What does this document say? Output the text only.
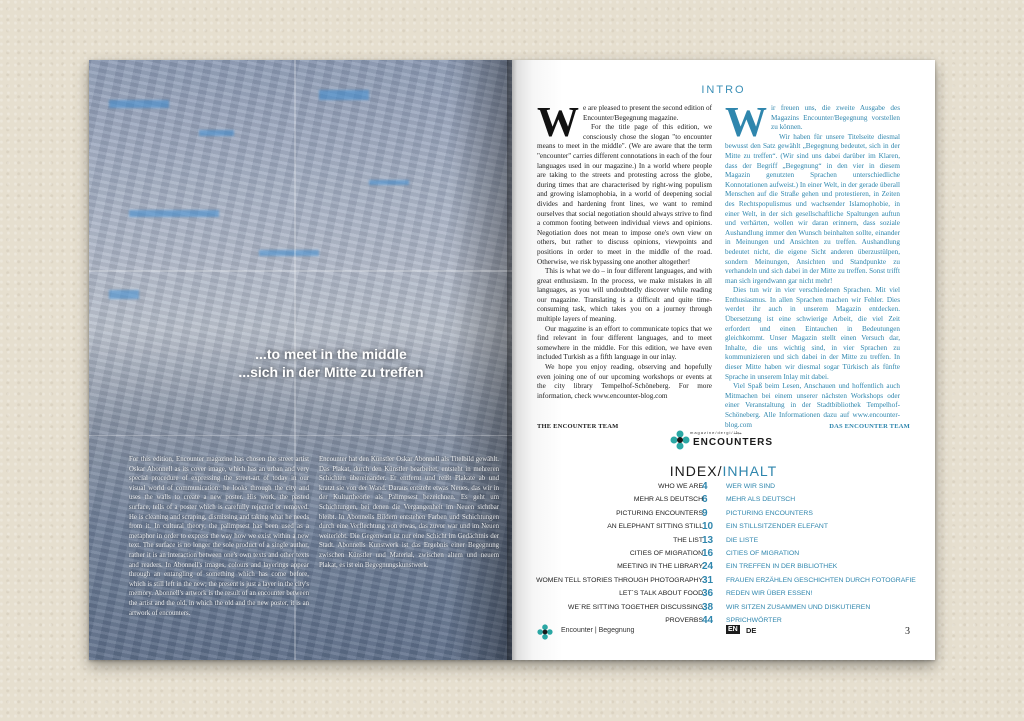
...to meet in the middle
...sich in der Mitte zu treffen

For this edition, Encounter magazine has chosen the street artist Oskar Abonnell as its cover image, which has an urban and very special procedure of expressing the street-art of today in our visual world of communication: he looks through the city and uses the walls to create a new poster. His work, the pasted surface, tells of a poster which is carefully rejected or removed. He is cleaning and scraping, dismissing and taking what he needs from it. In cultural theory, the palimpsest has been used as a metaphor in order to express the way how we exist within a new text. The surface is no longer the sole product of a single author, rather it is an interaction between one's own texts and other texts and readers. In Abonnell's images, colours and layerings appear through an entangling of something which has come before, which is still left in the new; the present is just a layer in the city's memory. Abonnell's artwork is the result of an encounter between the artist and the old, in which the old and the new poster, it is an artwork of encounters.

Encounter hat den Künstler Oskar Abonnell als Titelbild gewählt. Das Plakat, durch den Künstler bearbeitet, entsteht in mehreren Schichten übereinander. Er entfernt und reißt Plakate ab und kratzt sie von der Wand. Daraus entsteht etwas Neues, das wir in der Kulturtheorie als Palimpsest bezeichnen. Es geht um Schichtungen, bei denen die Vergangenheit im Neuen sichtbar bleibt. In Abonnells Bildern entstehen Farben und Schichtungen durch eine Verflechtung von etwas, das zuvor war und im Neuen weiterlebt. Die Gegenwart ist nur eine Schicht im Gedächtnis der Stadt. Abonnells Kunstwerk ist das Ergebnis einer Begegnung zwischen Künstler und Material, zwischen altem und neuem Plakat, es ist ein Begegnungskunstwerk.

INTRO

We are pleased to present the second edition of Encounter/Begegnung magazine.

For the title page of this edition, we consciously chose the slogan "to encounter means to meet in the middle". (We are aware that the term "encounter" carries different connotations in each of the four languages used in our magazine.) In a world where people are taking to the streets and protesting across the globe, during times that are characterised by right-wing populism and growing islamophobia, in a world of deepening social divides and hardening front lines, we want to remind ourselves that social negotiation should always strive to find a common footing between individual views and opinions. Negotiation does not mean to impose one's own view on others, but rather to discuss opinions, viewpoints and positions in order to meet in the middle of the road. Otherwise, we risk bypassing one another altogether!

This is what we do – in four different languages, and with great enthusiasm. In the process, we make mistakes in all languages, as you will undoubtedly discover while reading our magazine. Translating is a difficult and quite time-consuming task, which takes you on a journey through multiple layers of meaning.

Our magazine is an effort to communicate topics that we find relevant in four different languages, and to meet somewhere in the middle. For this edition, we have even included Turkish as a fifth language in our inlay.

We hope you enjoy reading, observing and hopefully even joining one of our upcoming workshops or events at the city library Tempelhof-Schöneberg. For more information, check www.encounter-blog.com

Wir freuen uns, die zweite Ausgabe des Magazins Encounter/Begegnung vorstellen zu können.

Wir haben für unsere Titelseite diesmal bewusst den Satz gewählt „Begegnung bedeutet, sich in der Mitte zu treffen“. (Wir sind uns dabei darüber im Klaren, dass der Begriff „Begegnung“ in den vier in diesem Magazin genutzten Sprachen unterschiedliche Konnotationen aufweist.) In einer Welt, in der gerade überall Menschen auf die Straße gehen und protestieren, in Zeiten des Rechtspopulismus und wachsender Islamophobie, in einer Welt, in der sich gesellschaftliche Spaltungen auftun und verhärten, wollen wir daran erinnern, dass soziale Aushandlung immer den Wunsch beinhalten sollte, einander in Meinungen und Ansichten zu treffen. Aushandlung bedeutet nicht, die eigene Sicht anderen überzustülpen, sondern Meinungen, Ansichten und Standpunkte zu verhandeln und sich dabei in der Mitte zu treffen. Sonst trifft man sich irgendwann gar nicht mehr!

Dies tun wir in vier verschiedenen Sprachen. Mit viel Enthusiasmus. In allen Sprachen machen wir Fehler. Dies werdet ihr auch in unserem Magazin entdecken. Übersetzung ist eine schwierige Arbeit, die viel Zeit erfordert und einen Eintauchen in Bedeutungen gleichkommt. Unser Magazin stellt einen Versuch dar, Inhalte, die uns wichtig sind, in vier Sprachen zu kommunizieren und sich dabei in der Mitte zu treffen. In dieser Mitte haben wir diesmal sogar Türkisch als fünfte Sprache in unserem Inlay mit dabei.

Viel Spaß beim Lesen, Anschauen und hoffentlich auch Mitmachen bei einem unserer nächsten Workshops oder einer Veranstaltung in der Stadtbibliothek Tempelhof-Schöneberg. Alle Informationen dazu auf www.encounter-blog.com

THE ENCOUNTER TEAM	DAS ENCOUNTER TEAM
magazine/dergi/مجلة
ENCOUNTERS
INDEX/INHALT
WHO WE ARE 4	WER WIR SIND
MEHR ALS DEUTSCH 6	MEHR ALS DEUTSCH
PICTURING ENCOUNTERS 9	PICTURING ENCOUNTERS
AN ELEPHANT SITTING STILL 10	EIN STILLSITZENDER ELEFANT
THE LIST 13	DIE LISTE
CITIES OF MIGRATION 16	CITIES OF MIGRATION
MEETING IN THE LIBRARY 24	EIN TREFFEN IN DER BIBLIOTHEK
WOMEN TELL STORIES THROUGH PHOTOGRAPHY 31	FRAUEN ERZÄHLEN GESCHICHTEN DURCH FOTOGRAFIE
LET´S TALK ABOUT FOOD 36	REDEN WIR ÜBER ESSEN!
WE´RE SITTING TOGETHER DISCUSSING 38	WIR SITZEN ZUSAMMEN UND DISKUTIEREN
PROVERBS 44	SPRICHWÖRTER
Encounter | Begegnung	EN DE	3
